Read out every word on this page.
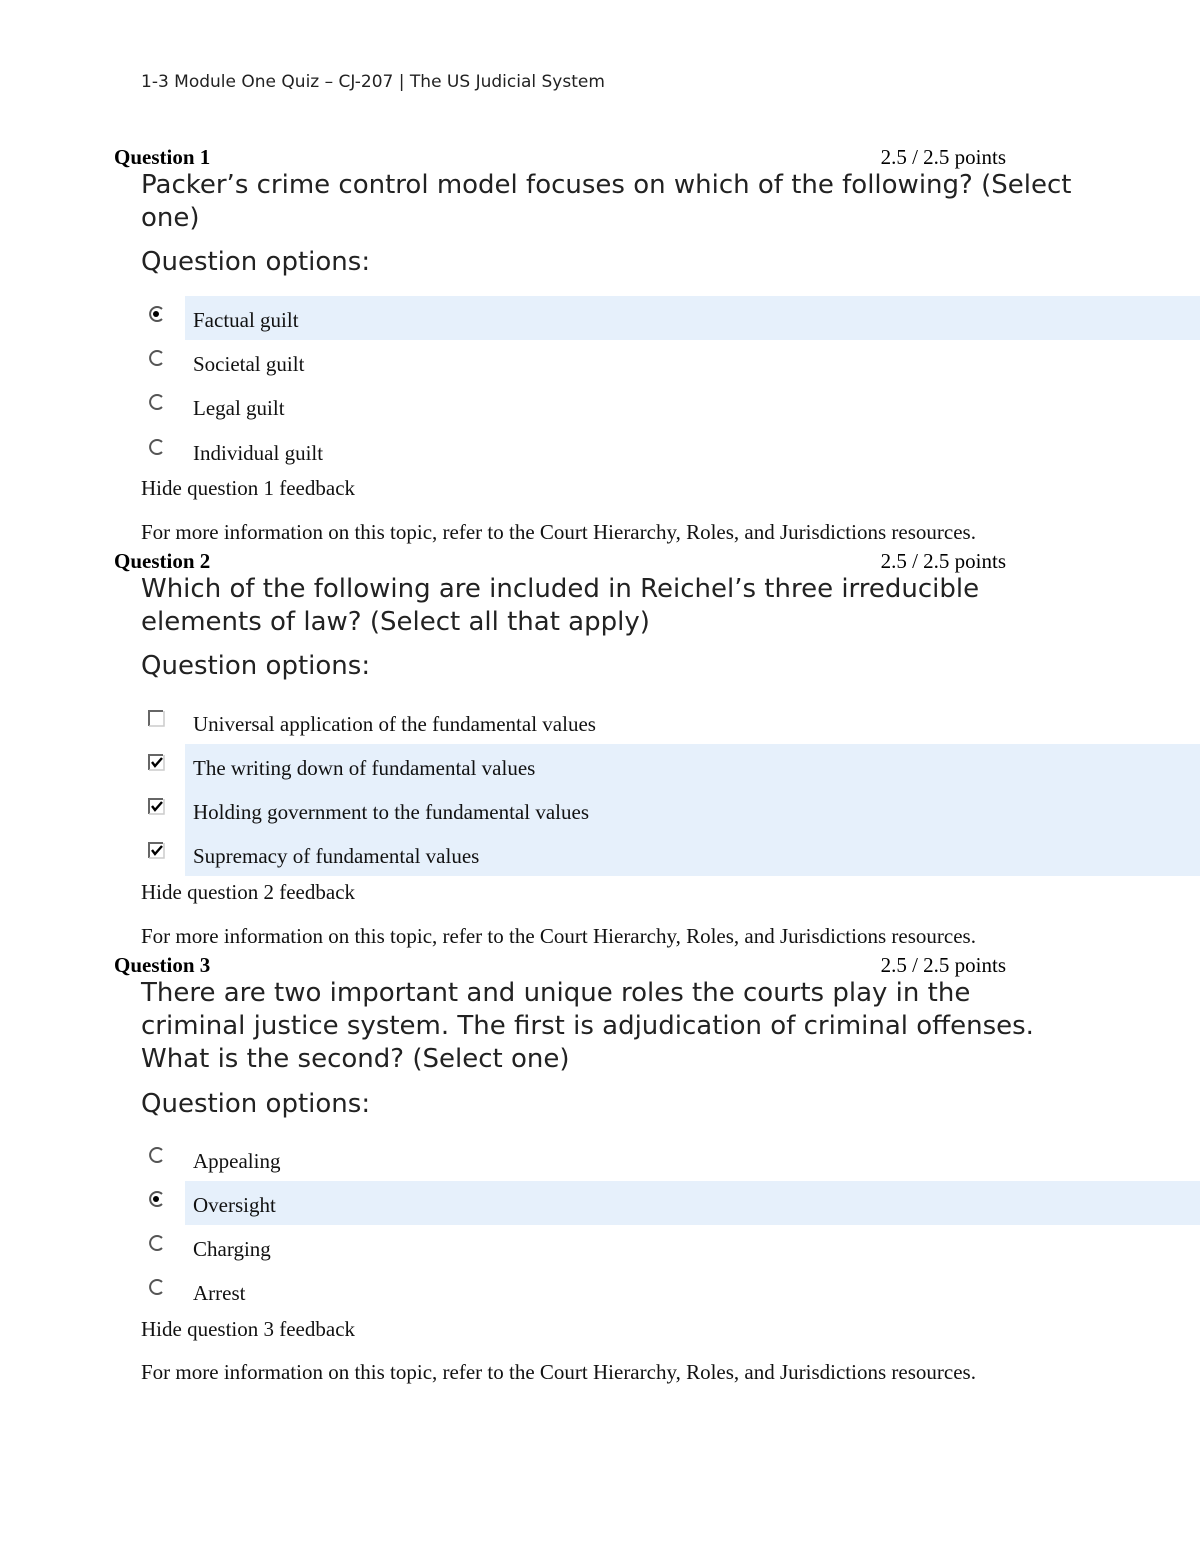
1-3 Module One Quiz – CJ-207 | The US Judicial System
Question 1	2.5 / 2.5 points
Packer’s crime control model focuses on which of the following? (Select one)
Question options:
Factual guilt
Societal guilt
Legal guilt
Individual guilt
Hide question 1 feedback
For more information on this topic, refer to the Court Hierarchy, Roles, and Jurisdictions resources.
Question 2	2.5 / 2.5 points
Which of the following are included in Reichel’s three irreducible elements of law? (Select all that apply)
Question options:
Universal application of the fundamental values
The writing down of fundamental values
Holding government to the fundamental values
Supremacy of fundamental values
Hide question 2 feedback
For more information on this topic, refer to the Court Hierarchy, Roles, and Jurisdictions resources.
Question 3	2.5 / 2.5 points
There are two important and unique roles the courts play in the criminal justice system. The first is adjudication of criminal offenses. What is the second? (Select one)
Question options:
Appealing
Oversight
Charging
Arrest
Hide question 3 feedback
For more information on this topic, refer to the Court Hierarchy, Roles, and Jurisdictions resources.
